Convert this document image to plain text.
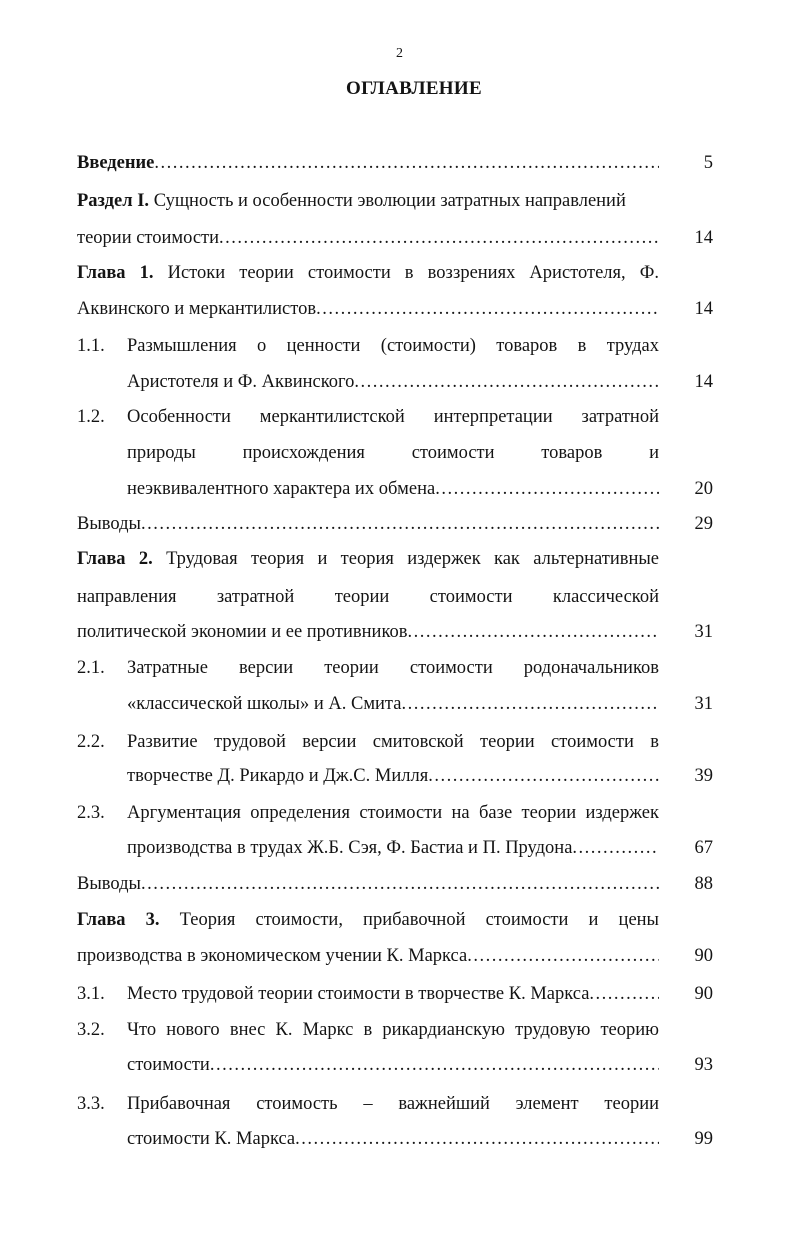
2
ОГЛАВЛЕНИЕ
Введение .....	5
Раздел I. Сущность и особенности эволюции затратных направлений
теории стоимости .....	14
Глава 1. Истоки теории стоимости в воззрениях Аристотеля, Ф.
Аквинского и меркантилистов .....	14
1.1. Размышления о ценности (стоимости) товаров в трудах
Аристотеля и Ф. Аквинского .....	14
1.2. Особенности меркантилистской интерпретации затратной
природы происхождения стоимости товаров и
неэквивалентного характера их обмена .....	20
Выводы .....	29
Глава 2. Трудовая теория и теория издержек как альтернативные
направления затратной теории стоимости классической
политической экономии и ее противников .....	31
2.1. Затратные версии теории стоимости родоначальников
«классической школы» и А. Смита .....	31
2.2. Развитие трудовой версии смитовской теории стоимости в
творчестве Д. Рикардо и Дж.С. Милля .....	39
2.3. Аргументация определения стоимости на базе теории издержек
производства в трудах Ж.Б. Сэя, Ф. Бастиа и П. Прудона .....	67
Выводы .....	88
Глава 3. Теория стоимости, прибавочной стоимости и цены
производства в экономическом учении К. Маркса .....	90
3.1. Место трудовой теории стоимости в творчестве К. Маркса .....	90
3.2. Что нового внес К. Маркс в рикардианскую трудовую теорию
стоимости .....	93
3.3. Прибавочная стоимость – важнейший элемент теории
стоимости К. Маркса .....	99
